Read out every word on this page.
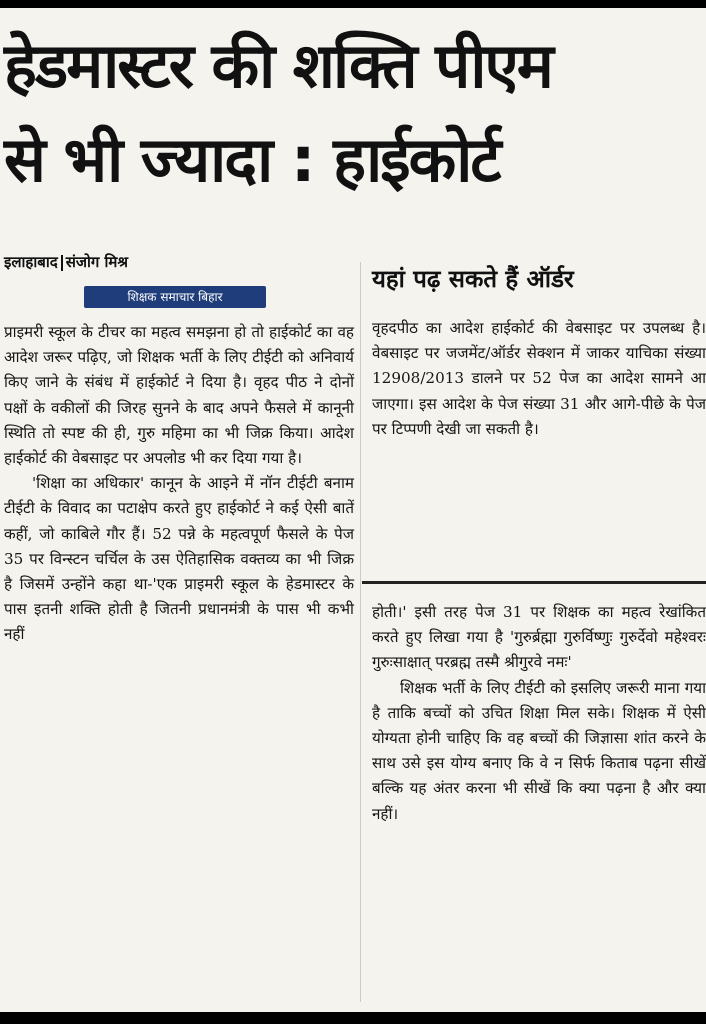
हेडमास्टर की शक्ति पीएम
से भी ज्यादा : हाईकोर्ट
इलाहाबाद संजोग मिश्र
शिक्षक समाचार बिहार

प्राइमरी स्कूल के टीचर का महत्व समझना हो तो हाईकोर्ट का वह आदेश जरूर पढ़िए, जो शिक्षक भर्ती के लिए टीईटी को अनिवार्य किए जाने के संबंध में हाईकोर्ट ने दिया है। वृहद पीठ ने दोनों पक्षों के वकीलों की जिरह सुनने के बाद अपने फैसले में कानूनी स्थिति तो स्पष्ट की ही, गुरु महिमा का भी जिक्र किया। आदेश हाईकोर्ट की वेबसाइट पर अपलोड भी कर दिया गया है।

'शिक्षा का अधिकार' कानून के आइने में नॉन टीईटी बनाम टीईटी के विवाद का पटाक्षेप करते हुए हाईकोर्ट ने कई ऐसी बातें कहीं, जो काबिले गौर हैं। 52 पन्ने के महत्वपूर्ण फैसले के पेज 35 पर विन्स्टन चर्चिल के उस ऐतिहासिक वक्तव्य का भी जिक्र है जिसमें उन्होंने कहा था-'एक प्राइमरी स्कूल के हेडमास्टर के पास इतनी शक्ति होती है जितनी प्रधानमंत्री के पास भी कभी नहीं

यहां पढ़ सकते हैं ऑर्डर

वृहदपीठ का आदेश हाईकोर्ट की वेबसाइट पर उपलब्ध है। वेबसाइट पर जजमेंट/ऑर्डर सेक्शन में जाकर याचिका संख्या 12908/2013 डालने पर 52 पेज का आदेश सामने आ जाएगा। इस आदेश के पेज संख्या 31 और आगे-पीछे के पेज पर टिप्पणी देखी जा सकती है।

होती।' इसी तरह पेज 31 पर शिक्षक का महत्व रेखांकित करते हुए लिखा गया है 'गुरुर्ब्रह्मा गुरुर्विष्णुः गुरुर्देवो महेश्वरः गुरुःसाक्षात् परब्रह्म तस्मै श्रीगुरवे नमः'

शिक्षक भर्ती के लिए टीईटी को इसलिए जरूरी माना गया है ताकि बच्चों को उचित शिक्षा मिल सके। शिक्षक में ऐसी योग्यता होनी चाहिए कि वह बच्चों की जिज्ञासा शांत करने के साथ उसे इस योग्य बनाए कि वे न सिर्फ किताब पढ़ना सीखें बल्कि यह अंतर करना भी सीखें कि क्या पढ़ना है और क्या नहीं।
